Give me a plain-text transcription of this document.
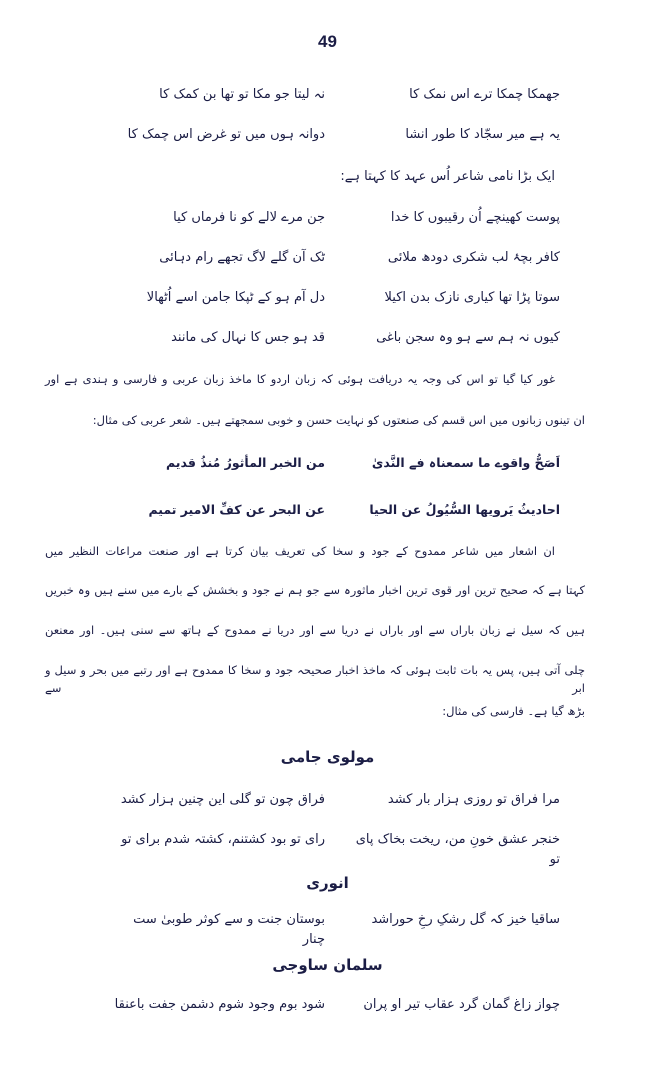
49
جھمکا چمکا ترے اس نمک کا
نہ لیتا جو مکا تو تھا بن کمک کا
یہ ہے میر سجّاد کا طور انشا
دوانہ ہوں میں تو غرض اس چمک کا
ایک بڑا نامی شاعر اُس عہد کا کہتا ہے:
پوست کھینچے اُن رقیبوں کا خدا
جن مرے لالے کو نا فرماں کیا
کافر بچۂ لب شکری دودھ ملائی
ٹک آن گلے لاگ تجھے رام دہائی
سوتا پڑا تھا کیاری نازک بدن اکیلا
دل آم ہو کے ٹپکا جامن اسے اُٹھالا
کیوں نہ ہم سے ہو وہ سجن باغی
قد ہو جس کا نہال کی مانند
غور کیا گیا تو اس کی وجہ یہ دریافت ہوئی کہ زبان اردو کا ماخذ زبان عربی و فارسی و ہندی ہے اور
ان تینوں زبانوں میں اس قسم کی صنعتوں کو نہایت حسن و خوبی سمجھتے ہیں۔ شعر عربی کی مثال:
اَصَحُّ واقوے ما سمعناہ فے النَّدیٰ
من الخبر المأثورُ مُنذُ قدیم
احادیثُ یَرویھا السُّیُولُ عن الحیا
عن البحر عن کفِّ الامیر تمیم
ان اشعار میں شاعر ممدوح کے جود و سخا کی تعریف بیان کرتا ہے اور صنعت مراعات النظیر میں
کہتا ہے کہ صحیح ترین اور قوی ترین اخبار ماثورہ سے جو ہم نے جود و بخشش کے بارے میں سنے ہیں وہ خبریں
ہیں کہ سیل نے زبان باراں سے اور باراں نے دریا سے اور دریا نے ممدوح کے ہاتھ سے سنی ہیں۔ اور معنعن
چلی آتی ہیں، پس یہ بات ثابت ہوئی کہ ماخذ اخبار صحیحہ جود و سخا کا ممدوح ہے اور رتبے میں بحر و سیل و ابر سے
بڑھ گیا ہے۔ فارسی کی مثال:
مولوی جامی
مرا فراق تو روزی ہزار بار کشد
فراق چون تو گلی این چنین ہزار کشد
خنجر عشق خونِ من، ریخت بخاک پای تو
رای تو بود کشتنم، کشتہ شدم برای تو
انوری
ساقیا خیز کہ گل رشکِ رخِ حوراشد
بوستان جنت و سے کوثر طوبیٰ ست چنار
سلمان ساوجی
چواز زاغ گمان گرد عقاب تیر او پران
شود بوم وجود شوم دشمن جفت باعنقا
